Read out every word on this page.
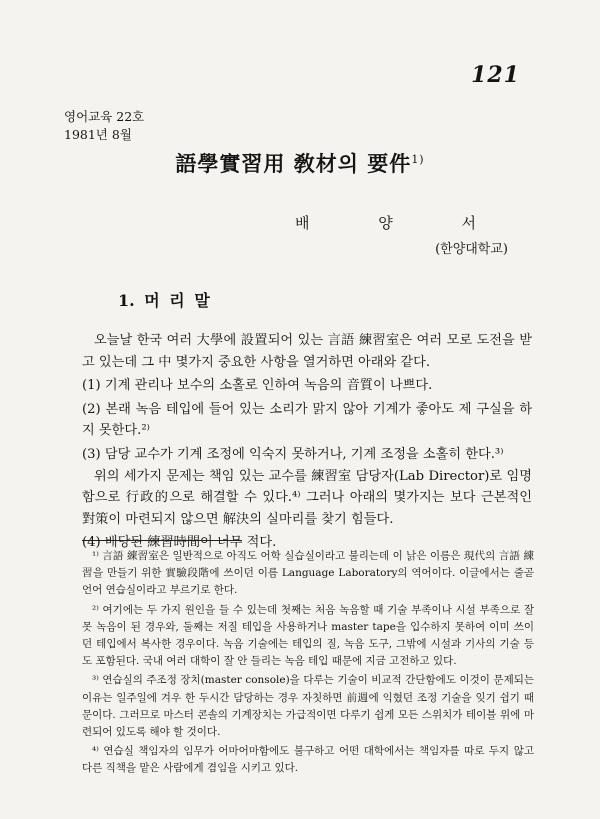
121
영어교육 22호
1981년 8월
語學實習用 敎材의 要件$^{1)}$
배 양 서
(한양대학교)
1. 머 리 말

오늘날 한국 여러 大學에 設置되어 있는 言語 練習室은 여러 모로 도전을 받고 있는데 그 中 몇가지 중요한 사항을 열거하면 아래와 같다.

(1) 기계 관리나 보수의 소홀로 인하여 녹음의 音質이 나쁘다.

(2) 본래 녹음 테입에 들어 있는 소리가 맑지 않아 기계가 좋아도 제 구실을 하지 못한다.²⁾

(3) 담당 교수가 기계 조정에 익숙지 못하거나, 기계 조정을 소홀히 한다.³⁾

위의 세가지 문제는 책임 있는 교수를 練習室 담당자(Lab Director)로 임명함으로 行政的으로 해결할 수 있다.⁴⁾ 그러나 아래의 몇가지는 보다 근본적인 對策이 마련되지 않으면 解決의 실마리를 찾기 힘들다.

(4) 배당된 練習時間이 너무 적다.

¹⁾ 言語 練習室은 일반적으로 아직도 어학 실습실이라고 불리는데 이 낡은 이름은 現代의 言語 練習을 만들기 위한 實驗段階에 쓰이던 이름 Language Laboratory의 역어이다. 이글에서는 줄곧 언어 연습실이라고 부르기로 한다.

²⁾ 여기에는 두 가지 원인을 들 수 있는데 첫째는 처음 녹음할 때 기술 부족이나 시설 부족으로 잘못 녹음이 된 경우와, 둘째는 저질 테입을 사용하거나 master tape을 입수하지 못하여 이미 쓰이던 테입에서 복사한 경우이다. 녹음 기술에는 테입의 질, 녹음 도구, 그밖에 시설과 기사의 기술 등도 포함된다. 국내 여러 대학이 잘 안 들리는 녹음 테입 때문에 지금 고전하고 있다.

³⁾ 연습실의 주조정 장치(master console)을 다루는 기술이 비교적 간단함에도 이것이 문제되는 이유는 일주일에 겨우 한 두시간 담당하는 경우 자칫하면 前週에 익혔던 조정 기술을 잊기 쉽기 때문이다. 그러므로 마스터 콘솔의 기계장치는 가급적이면 다루기 쉽게 모든 스위치가 테이블 위에 마련되어 있도록 해야 할 것이다.

⁴⁾ 연습실 책임자의 임무가 어마어마함에도 불구하고 어떤 대학에서는 책임자를 따로 두지 않고 다른 직책을 맡은 사람에게 겸임을 시키고 있다.
